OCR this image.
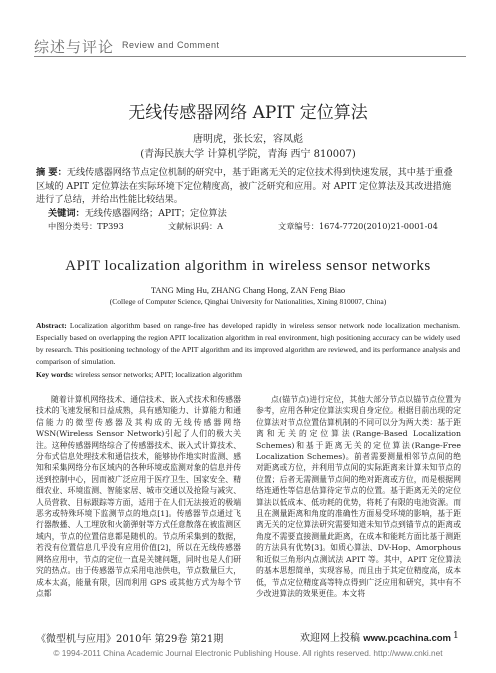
综述与评论 Review and Comment
无线传感器网络 APIT 定位算法
唐明虎，张长宏，容凤彪
(青海民族大学 计算机学院，青海 西宁 810007)
摘 要：无线传感器网络节点定位机制的研究中，基于距离无关的定位技术得到快速发展，其中基于重叠区域的 APIT 定位算法在实际环境下定位精度高，被广泛研究和应用。对 APIT 定位算法及其改进措施进行了总结，并给出性能比较结果。
关键词：无线传感器网络；APIT；定位算法
中图分类号：TP393	文献标识码：A	文章编号：1674-7720(2010)21-0001-04
APIT localization algorithm in wireless sensor networks
TANG Ming Hu, ZHANG Chang Hong, ZAN Feng Biao
(College of Computer Science, Qinghai University for Nationalities, Xining 810007, China)
Abstract: Localization algorithm based on range-free has developed rapidly in wireless sensor network node localization mechanism. Especially based on overlapping the region APIT localization algorithm in real environment, high positioning accuracy can be widely used by research. This positioning technology of the APIT algorithm and its improved algorithm are reviewed, and its performance analysis and comparison of simulation.
Key words: wireless sensor networks; APIT; localization algorithm

随着计算机网络技术、通信技术、嵌入式技术和传感器技术的飞速发展和日益成熟，具有感知能力、计算能力和通信能力的微型传感器及其构成的无线传感器网络 WSN(Wireless Sensor Network)引起了人们的极大关注。这种传感器网络综合了传感器技术、嵌入式计算技术、分布式信息处理技术和通信技术，能够协作地实时监测、感知和采集网络分布区域内的各种环境或监测对象的信息并传送到控制中心，因而被广泛应用于医疗卫生、国家安全、精细农业、环境监测、智能家居、城市交通以及抢险与减灾、人员营救、目标跟踪等方面，适用于在人们无法接近的极端恶劣或特殊环境下监测节点的地点[1]。传感器节点通过飞行器散播、人工埋放和火箭弹射等方式任意散落在被监测区域内，节点的位置信息都是随机的。节点所采集到的数据，若没有位置信息几乎没有应用价值[2]，所以在无线传感器网络应用中，节点的定位一直是关键问题，同时也是人们研究的热点。由于传感器节点采用电池供电，节点数量巨大，成本太高，能量有限，因而利用 GPS 或其他方式为每个节点都

点(锚节点)进行定位，其他大部分节点以锚节点位置为参考，应用各种定位算法实现自身定位。根据目前出现的定位算法对节点位置估算机制的不同可以分为两大类：基于距离和无关的定位算法(Range-Based Localization Schemes)和基于距离无关的定位算法(Range-Free Localization Schemes)。前者需要测量相邻节点间的绝对距离或方位，并利用节点间的实际距离来计算未知节点的位置；后者无需测量节点间的绝对距离或方位，而是根据网络连通性等信息估算待定节点的位置。基于距离无关的定位算法以低成本、低功耗的优势，将耗了有限的电池资源。而且在测量距离和角度的准确性方面易受环境的影响，基于距离无关的定位算法研究需要知道未知节点到锚节点的距离或角度不需要直接测量此距离，在成本和能耗方面比基于测距的方法具有优势[3]。如质心算法、DV-Hop、Amorphous 和近似三角形内点测试法 APIT 等。其中，APIT 定位算法的基本思想简单，实现容易，而且由于其定位精度高，成本低，节点定位精度高等特点得到广泛应用和研究，其中有不少改进算法的效果更佳。本文将

《微型机与应用》2010年 第29卷 第21期	欢迎网上投稿 www.pcachina.com 1
© 1994-2011 China Academic Journal Electronic Publishing House. All rights reserved. http://www.cnki.net
